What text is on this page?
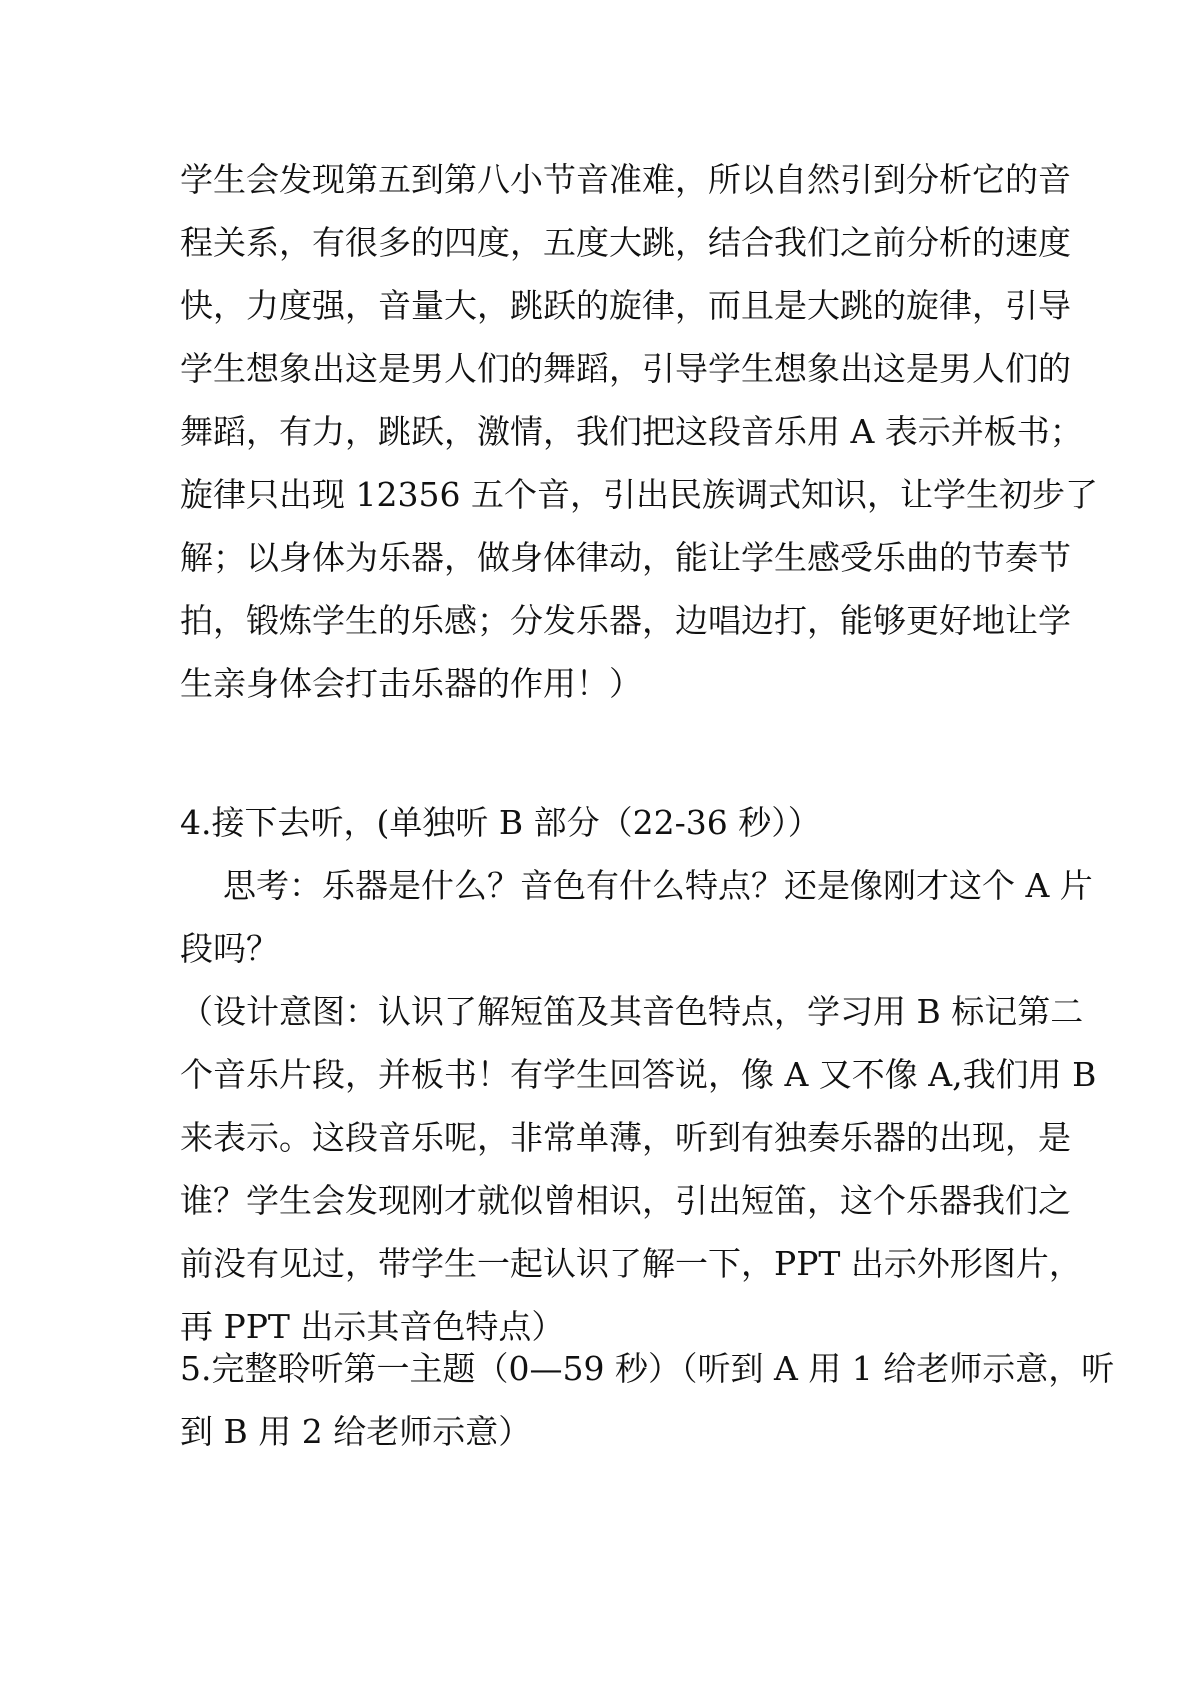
学生会发现第五到第八小节音准难，所以自然引到分析它的音
程关系，有很多的四度，五度大跳，结合我们之前分析的速度
快，力度强，音量大，跳跃的旋律，而且是大跳的旋律，引导
学生想象出这是男人们的舞蹈，引导学生想象出这是男人们的
舞蹈，有力，跳跃，激情，我们把这段音乐用 A 表示并板书；
旋律只出现 12356 五个音，引出民族调式知识，让学生初步了
解；以身体为乐器，做身体律动，能让学生感受乐曲的节奏节
拍，锻炼学生的乐感；分发乐器，边唱边打，能够更好地让学
生亲身体会打击乐器的作用！）
4.接下去听，(单独听 B 部分（22-36 秒））
思考：乐器是什么？音色有什么特点？还是像刚才这个 A 片
段吗？
（设计意图：认识了解短笛及其音色特点，学习用 B 标记第二
个音乐片段，并板书！有学生回答说，像 A 又不像 A,我们用 B
来表示。这段音乐呢，非常单薄，听到有独奏乐器的出现，是
谁？学生会发现刚才就似曾相识，引出短笛，这个乐器我们之
前没有见过，带学生一起认识了解一下，PPT 出示外形图片，
再 PPT 出示其音色特点）
5.完整聆听第一主题（0—59 秒）（听到 A 用 1 给老师示意，听
到 B 用 2 给老师示意）
